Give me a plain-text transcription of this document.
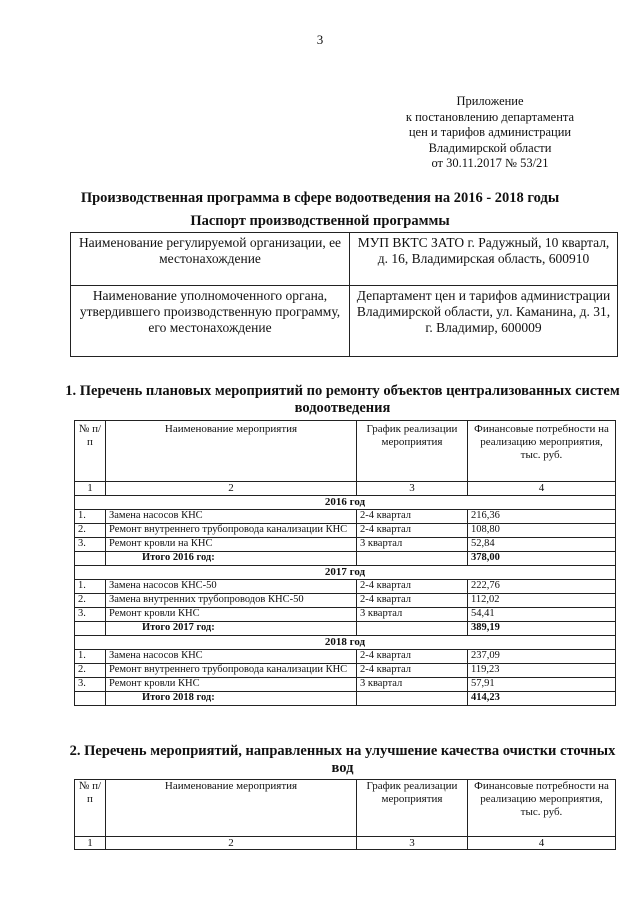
3
Приложение
к постановлению департамента
цен и тарифов администрации
Владимирской области
от 30.11.2017 № 53/21
Производственная программа в сфере водоотведения на 2016 - 2018 годы
Паспорт производственной программы
Наименование регулируемой организации, ее местонахождение	МУП ВКТС ЗАТО г. Радужный, 10 квартал, д. 16, Владимирская область, 600910
Наименование уполномоченного органа, утвердившего производственную программу, его местонахождение	Департамент цен и тарифов администрации Владимирской области, ул. Каманина, д. 31, г. Владимир, 600009
1. Перечень плановых мероприятий по ремонту объектов централизованных систем водоотведения
№ п/п	Наименование мероприятия	График реализации мероприятия	Финансовые потребности на реализацию мероприятия, тыс. руб.
1	2	3	4
2016 год			
1.	Замена насосов КНС	2-4 квартал	216,36
2.	Ремонт внутреннего трубопровода канализации КНС	2-4 квартал	108,80
3.	Ремонт кровли на КНС	3 квартал	52,84
	Итого 2016 год:		378,00
2017 год			
1.	Замена насосов КНС-50	2-4 квартал	222,76
2.	Замена внутренних трубопроводов КНС-50	2-4 квартал	112,02
3.	Ремонт кровли КНС	3 квартал	54,41
	Итого 2017 год:		389,19
2018 год			
1.	Замена насосов КНС	2-4 квартал	237,09
2.	Ремонт внутреннего трубопровода канализации КНС	2-4 квартал	119,23
3.	Ремонт кровли КНС	3 квартал	57,91
	Итого 2018 год:		414,23
2. Перечень мероприятий, направленных на улучшение качества очистки сточных вод
№ п/п	Наименование мероприятия	График реализации мероприятия	Финансовые потребности на реализацию мероприятия, тыс. руб.
1	2	3	4
